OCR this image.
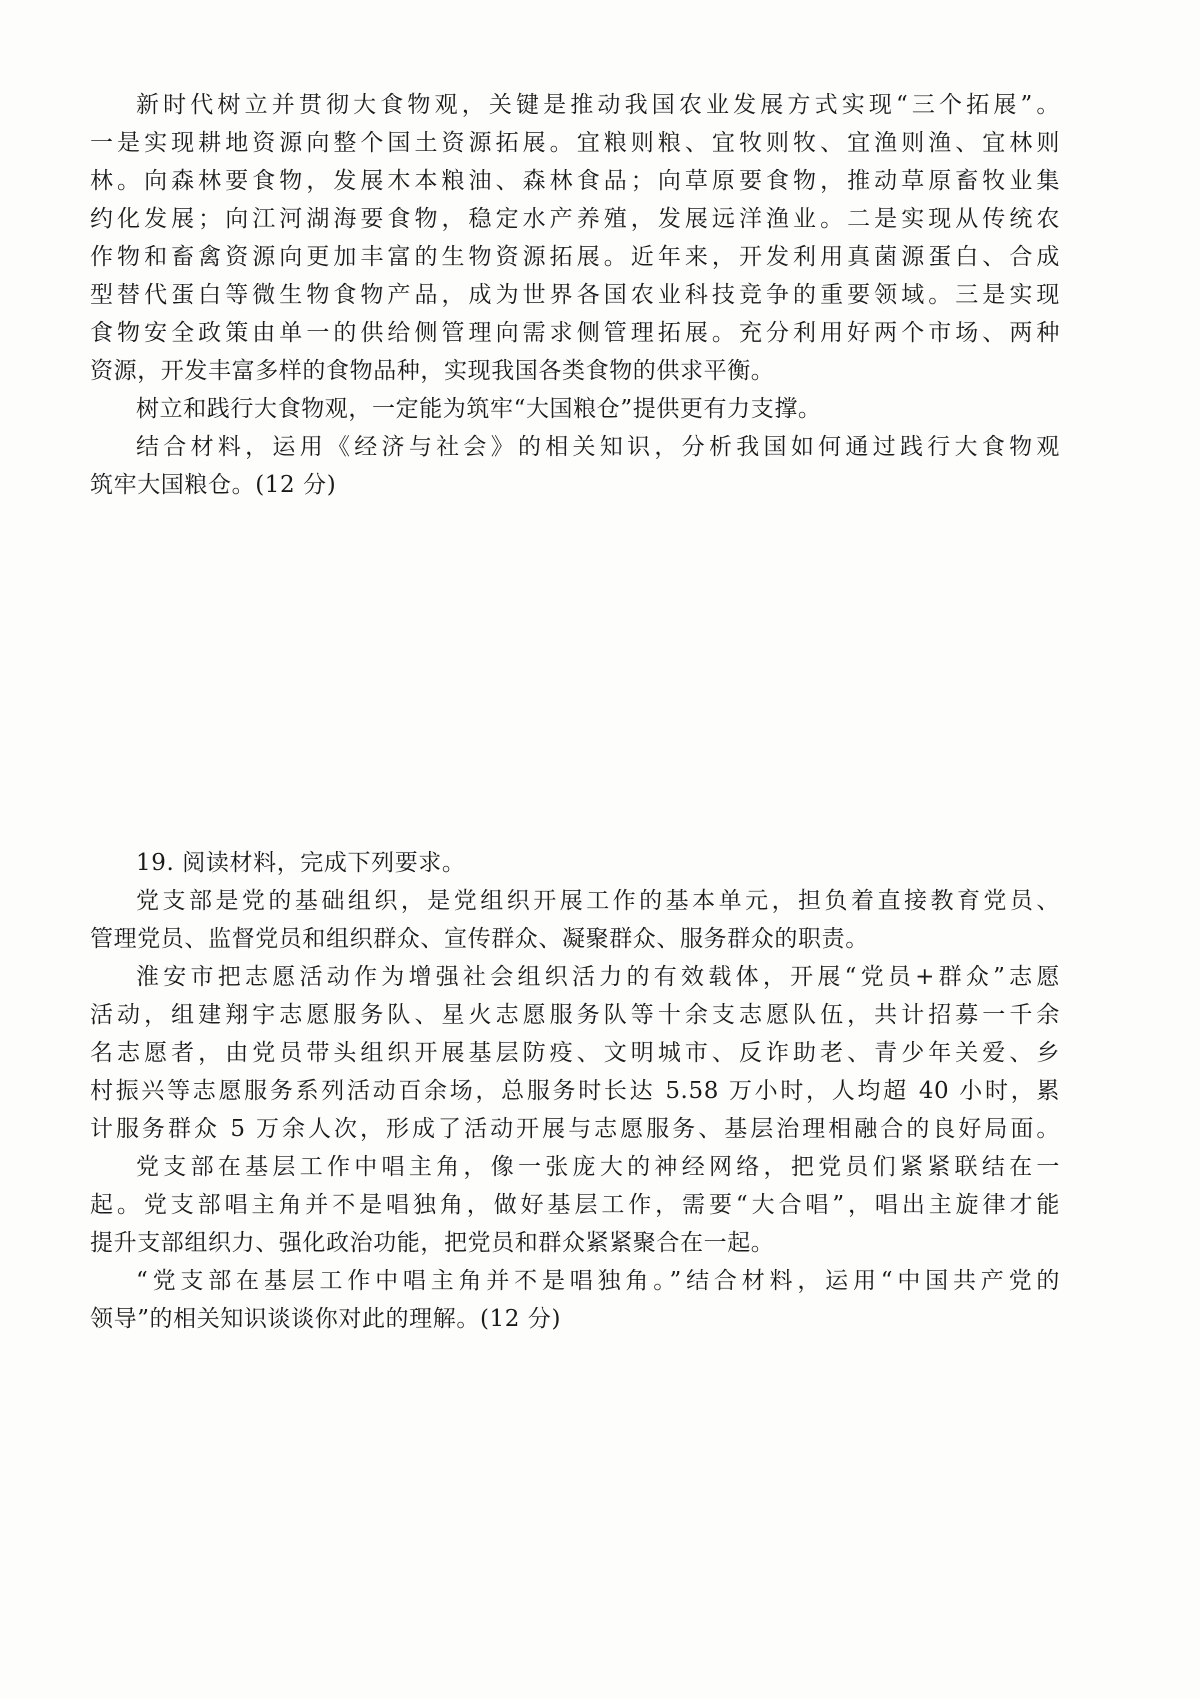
新时代树立并贯彻大食物观，关键是推动我国农业发展方式实现“三个拓展”。
一是实现耕地资源向整个国土资源拓展。宜粮则粮、宜牧则牧、宜渔则渔、宜林则
林。向森林要食物，发展木本粮油、森林食品；向草原要食物，推动草原畜牧业集
约化发展；向江河湖海要食物，稳定水产养殖，发展远洋渔业。二是实现从传统农
作物和畜禽资源向更加丰富的生物资源拓展。近年来，开发利用真菌源蛋白、合成
型替代蛋白等微生物食物产品，成为世界各国农业科技竞争的重要领域。三是实现
食物安全政策由单一的供给侧管理向需求侧管理拓展。充分利用好两个市场、两种
资源，开发丰富多样的食物品种，实现我国各类食物的供求平衡。
树立和践行大食物观，一定能为筑牢“大国粮仓”提供更有力支撑。
结合材料，运用《经济与社会》的相关知识，分析我国如何通过践行大食物观
筑牢大国粮仓。(12 分)
19. 阅读材料，完成下列要求。
党支部是党的基础组织，是党组织开展工作的基本单元，担负着直接教育党员、
管理党员、监督党员和组织群众、宣传群众、凝聚群众、服务群众的职责。
淮安市把志愿活动作为增强社会组织活力的有效载体，开展“党员+群众”志愿
活动，组建翔宇志愿服务队、星火志愿服务队等十余支志愿队伍，共计招募一千余
名志愿者，由党员带头组织开展基层防疫、文明城市、反诈助老、青少年关爱、乡
村振兴等志愿服务系列活动百余场，总服务时长达 5.58 万小时，人均超 40 小时，累
计服务群众 5 万余人次，形成了活动开展与志愿服务、基层治理相融合的良好局面。
党支部在基层工作中唱主角，像一张庞大的神经网络，把党员们紧紧联结在一
起。党支部唱主角并不是唱独角，做好基层工作，需要“大合唱”，唱出主旋律才能
提升支部组织力、强化政治功能，把党员和群众紧紧聚合在一起。
“党支部在基层工作中唱主角并不是唱独角。”结合材料，运用“中国共产党的
领导”的相关知识谈谈你对此的理解。(12 分)
